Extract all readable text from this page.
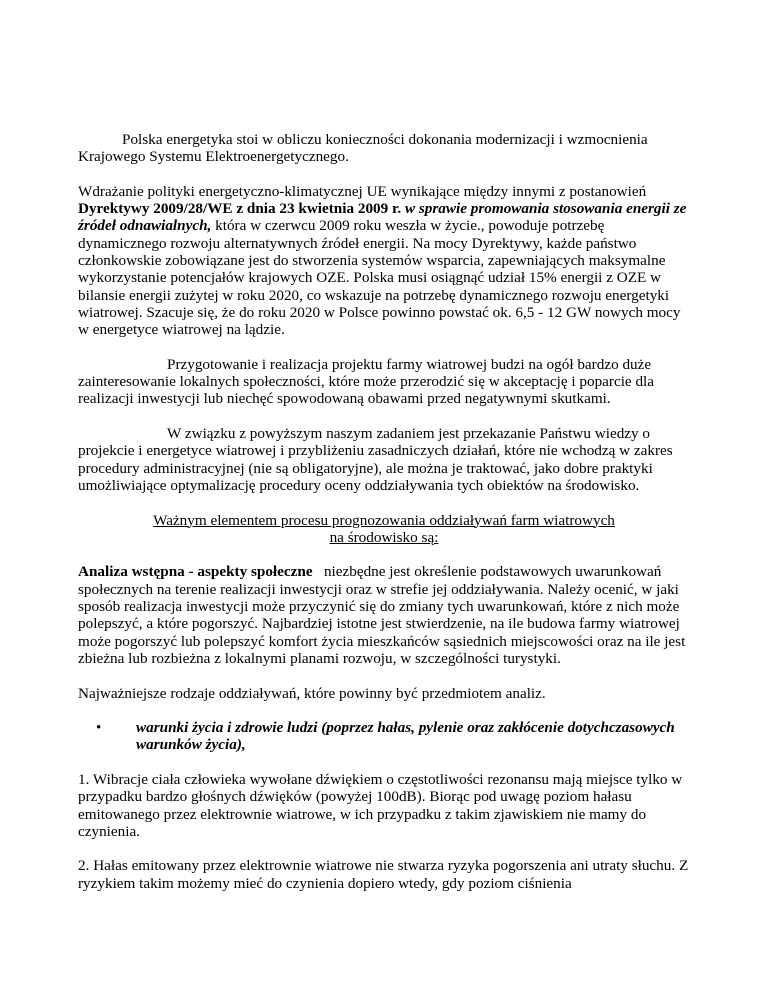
Polska energetyka stoi w obliczu konieczności dokonania modernizacji i wzmocnienia Krajowego Systemu Elektroenergetycznego.

Wdrażanie polityki energetyczno-klimatycznej UE wynikające między innymi z postanowień Dyrektywy 2009/28/WE z dnia 23 kwietnia 2009 r. w sprawie promowania stosowania energii ze źródeł odnawialnych, która w czerwcu 2009 roku weszła w życie., powoduje potrzebę dynamicznego rozwoju alternatywnych źródeł energii. Na mocy Dyrektywy, każde państwo członkowskie zobowiązane jest do stworzenia systemów wsparcia, zapewniających maksymalne wykorzystanie potencjałów krajowych OZE. Polska musi osiągnąć udział 15% energii z OZE w bilansie energii zużytej w roku 2020, co wskazuje na potrzebę dynamicznego rozwoju energetyki wiatrowej. Szacuje się, że do roku 2020 w Polsce powinno powstać ok. 6,5 - 12 GW nowych mocy w energetyce wiatrowej na lądzie.

Przygotowanie i realizacja projektu farmy wiatrowej budzi na ogół bardzo duże zainteresowanie lokalnych społeczności, które może przerodzić się w akceptację i poparcie dla realizacji inwestycji lub niechęć spowodowaną obawami przed negatywnymi skutkami.

W związku z powyższym naszym zadaniem jest przekazanie Państwu wiedzy o projekcie i energetyce wiatrowej i przybliżeniu zasadniczych działań, które nie wchodzą w zakres procedury administracyjnej (nie są obligatoryjne), ale można je traktować, jako dobre praktyki umożliwiające optymalizację procedury oceny oddziaływania tych obiektów na środowisko.

Ważnym elementem procesu prognozowania oddziaływań farm wiatrowych
na środowisko są:

Analiza wstępna - aspekty społeczne   niezbędne jest określenie podstawowych uwarunkowań społecznych na terenie realizacji inwestycji oraz w strefie jej oddziaływania. Należy ocenić, w jaki sposób realizacja inwestycji może przyczynić się do zmiany tych uwarunkowań, które z nich może polepszyć, a które pogorszyć. Najbardziej istotne jest stwierdzenie, na ile budowa farmy wiatrowej może pogorszyć lub polepszyć komfort życia mieszkańców sąsiednich miejscowości oraz na ile jest zbieżna lub rozbieżna z lokalnymi planami rozwoju, w szczególności turystyki.

Najważniejsze rodzaje oddziaływań, które powinny być przedmiotem analiz.

• warunki życia i zdrowie ludzi (poprzez hałas, pylenie oraz zakłócenie dotychczasowych warunków życia),

1. Wibracje ciała człowieka wywołane dźwiękiem o częstotliwości rezonansu mają miejsce tylko w przypadku bardzo głośnych dźwięków (powyżej 100dB). Biorąc pod uwagę poziom hałasu emitowanego przez elektrownie wiatrowe, w ich przypadku z takim zjawiskiem nie mamy do czynienia.

2. Hałas emitowany przez elektrownie wiatrowe nie stwarza ryzyka pogorszenia ani utraty słuchu. Z ryzykiem takim możemy mieć do czynienia dopiero wtedy, gdy poziom ciśnienia
